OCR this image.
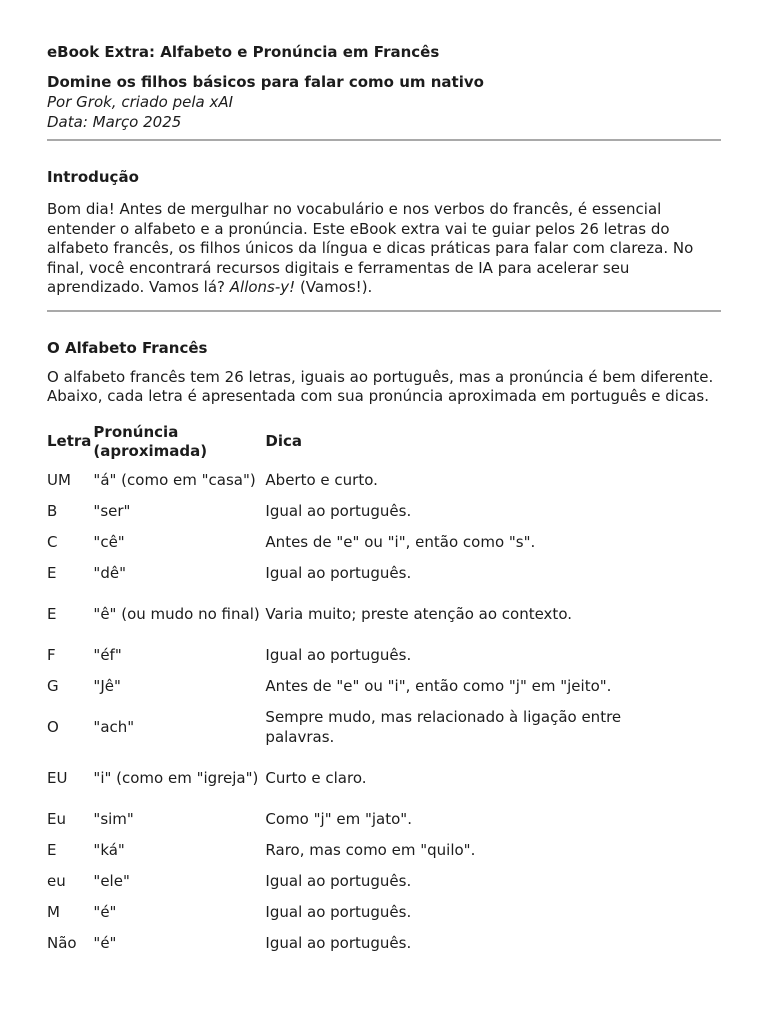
eBook Extra: Alfabeto e Pronúncia em Francês

Domine os filhos básicos para falar como um nativo

Por Grok, criado pela xAI

Data: Março 2025

Introdução

Bom dia! Antes de mergulhar no vocabulário e nos verbos do francês, é essencial entender o alfabeto e a pronúncia. Este eBook extra vai te guiar pelos 26 letras do alfabeto francês, os filhos únicos da língua e dicas práticas para falar com clareza. No final, você encontrará recursos digitais e ferramentas de IA para acelerar seu aprendizado. Vamos lá? Allons-y! (Vamos!).

O Alfabeto Francês

O alfabeto francês tem 26 letras, iguais ao português, mas a pronúncia é bem diferente. Abaixo, cada letra é apresentada com sua pronúncia aproximada em português e dicas.

Letra	Pronúncia (aproximada)	Dica
UM	"á" (como em "casa")	Aberto e curto.
B	"ser"	Igual ao português.
C	"cê"	Antes de "e" ou "i", então como "s".
E	"dê"	Igual ao português.
E	"ê" (ou mudo no final)	Varia muito; preste atenção ao contexto.
F	"éf"	Igual ao português.
G	"Jê"	Antes de "e" ou "i", então como "j" em "jeito".
O	"ach"	Sempre mudo, mas relacionado à ligação entre palavras.
EU	"i" (como em "igreja")	Curto e claro.
Eu	"sim"	Como "j" em "jato".
E	"ká"	Raro, mas como em "quilo".
eu	"ele"	Igual ao português.
M	"é"	Igual ao português.
Não	"é"	Igual ao português.
